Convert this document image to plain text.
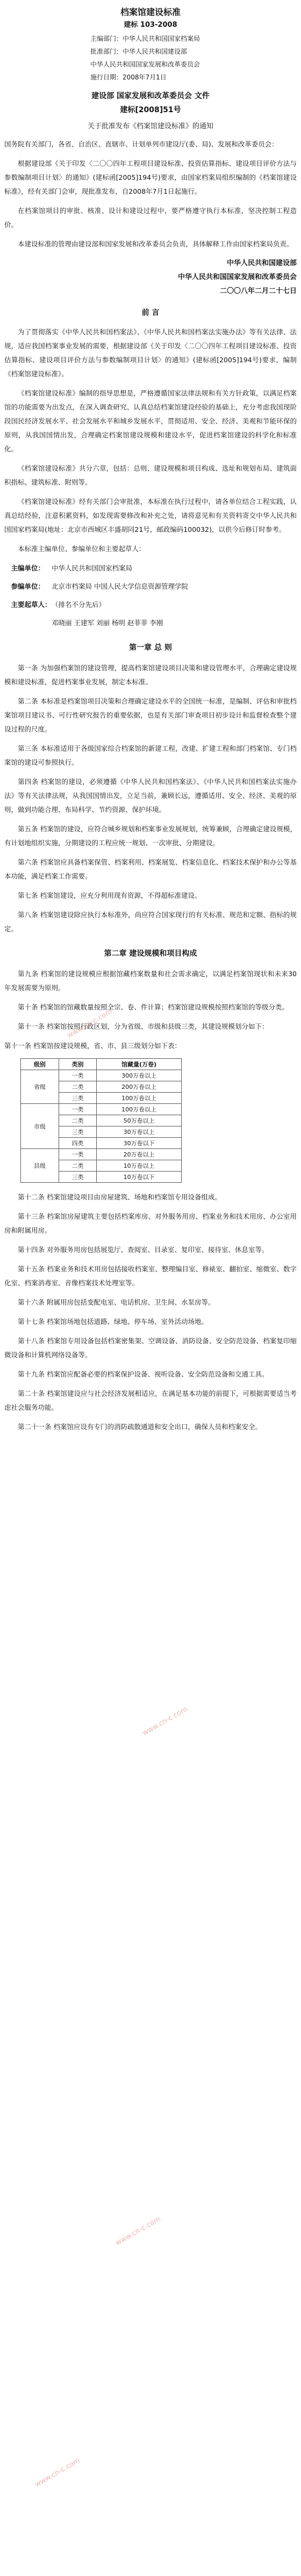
档案馆建设标准
建标 103-2008
主编部门：中华人民共和国国家档案局
批准部门：中华人民共和国建设部
中华人民共和国国家发展和改革委员会
施行日期：2008年7月1日
建设部 国家发展和改革委员会 文件
建标[2008]51号
关于批准发布《档案馆建设标准》的通知

国务院有关部门，各省、自治区、直辖市、计划单列市建设厅(委、局)、发展和改革委员会：

根据建设部《关于印发〈二〇〇四年工程项目建设标准、投资估算指标、建设项目评价方法与参数编制项目计划〉的通知》(建标函[2005]194号)要求，由国家档案局组织编制的《档案馆建设标准》，经有关部门会审，现批准发布，自2008年7月1日起施行。

在档案馆项目的审批、核准、设计和建设过程中，要严格遵守执行本标准，坚决控制工程造价。

本建设标准的管理由建设部和国家发展和改革委员会负责，具体解释工作由国家档案局负责。

中华人民共和国建设部
中华人民共和国国家发展和改革委员会
二〇〇八年二月二十七日
前 言

为了贯彻落实《中华人民共和国档案法》、《中华人民共和国档案法实施办法》等有关法律、法规，适应我国档案事业发展的需要，根据建设部《关于印发〈二〇〇四年工程项目建设标准、投资估算指标、建设项目评价方法与参数编制项目计划〉的通知》(建标函[2005]194号)要求，编制《档案馆建设标准》。

《档案馆建设标准》编制的指导思想是，严格遵循国家法律法规和有关方针政策，以满足档案馆的功能需要为出发点，在深入调查研究、认真总结档案馆建设经验的基础上，充分考虑我国现阶段国民经济发展水平、社会发展水平和城乡发展水平，贯彻适用、安全、经济、美观和节能环保的原则，从我国国情出发，合理确定档案馆建设规模和建设水平，促进档案馆建设的科学化和标准化。

《档案馆建设标准》共分六章，包括：总则、建设规模和项目构成、选址和规划布局、建筑面积指标、建筑标准、附则等。

《档案馆建设标准》经有关部门会审批准，本标准在执行过程中，请各单位结合工程实践，认真总结经验，注意积累资料，如发现需要修改和补充之处，请将意见和有关资料寄交中华人民共和国国家档案局(地址：北京市西城区丰盛胡同21号，邮政编码100032)，以供今后修订时参考。

本标准主编单位、参编单位和主要起草人：

主编单位： 中华人民共和国国家档案局
参编单位： 北京市档案局 中国人民大学信息资源管理学院
主要起草人：（排名不分先后）
邓晓丽 王建军 刘丽 杨明 赵菲菲 李刚
第一章 总 则

第一条 为加强档案馆的建设管理，提高档案馆建设项目决策和建设管理水平，合理确定建设规模和建设标准，促进档案事业发展，制定本标准。

第二条 本标准是档案馆项目决策和合理确定建设水平的全国统一标准，是编制、评估和审批档案馆项目建议书、可行性研究报告的重要依据，也是有关部门审查项目初步设计和监督检查整个建设过程的尺度。

第三条 本标准适用于各级国家综合档案馆的新建工程，改建、扩建工程和部门档案馆、专门档案馆的建设可参照执行。

第四条 档案馆的建设，必须遵循《中华人民共和国档案法》、《中华人民共和国档案法实施办法》等有关法律法规，从我国国情出发，立足当前，兼顾长远，遵循适用、安全、经济、美观的原则，做到功能合理、布局科学、节约资源、保护环境。

第五条 档案馆的建设，应符合城乡规划和档案事业发展规划，统筹兼顾，合理确定建设规模，有计划地组织实施，分期建设的工程应统一规划、一次审批、分期建设。

第六条 档案馆应具备档案保管、档案利用、档案展览、档案信息化、档案技术保护和办公等基本功能，满足档案工作需要。

第七条 档案馆建设，应充分利用现有资源，不得超标准建设。

第八条 档案馆建设除应执行本标准外，尚应符合国家现行的有关标准、规范和定额、指标的规定。

第二章 建设规模和项目构成

第九条 档案馆的建设规模应根据馆藏档案数量和社会需求确定，以满足档案馆现状和未来30年发展需要为原则。

第十条 档案馆的馆藏数量按照全宗、卷、件计算；档案馆建设规模按照档案馆的等级分类。

第十一条 档案馆按照行政区划，分为省级、市级和县级三类，其建设规模划分如下：

第十一条 档案馆按建设规模，省、市、县三级划分如下表：

级别	类别	馆藏量(万卷)
省级	一类	300万卷以上
	二类	200万卷以上
	三类	100万卷以上
市级	一类	100万卷以上
	二类	50万卷以上
	三类	30万卷以上
	四类	30万卷以下
县级	一类	20万卷以上
	二类	10万卷以上
	三类	10万卷以下

第十二条 档案馆建设项目由房屋建筑、场地和档案馆专用设备组成。

第十三条 档案馆房屋建筑主要包括档案库房、对外服务用房、档案业务和技术用房、办公室用房和附属用房。

第十四条 对外服务用房包括展览厅、查阅室、目录室、复印室、接待室、休息室等。

第十五条 档案业务和技术用房包括接收档案室、整理编目室、修裱室、翻拍室、缩微室、数字化室、档案消毒室、音像档案技术处理室等。

第十六条 附属用房包括变配电室、电话机房、卫生间、水泵房等。

第十七条 档案馆场地包括道路、绿地、停车场、室外活动场地。

第十八条 档案馆专用设备包括档案密集架、空调设备、消防设备、安全防范设备、档案复印缩微设备和计算机网络设备等。

第十九条 档案馆应配备必要的档案保护设备、视听设备、安全防范设备和交通工具。

第二十条 档案馆建设应与社会经济发展相适应，在满足基本功能的前提下，可根据需要适当考虑社会服务功能。

第二十一条 档案馆应设有专门的消防疏散通道和安全出口，确保人员和档案安全。

www.cn-c.com
www.cn-c.com
www.cn-c.com
www.cn-c.com
